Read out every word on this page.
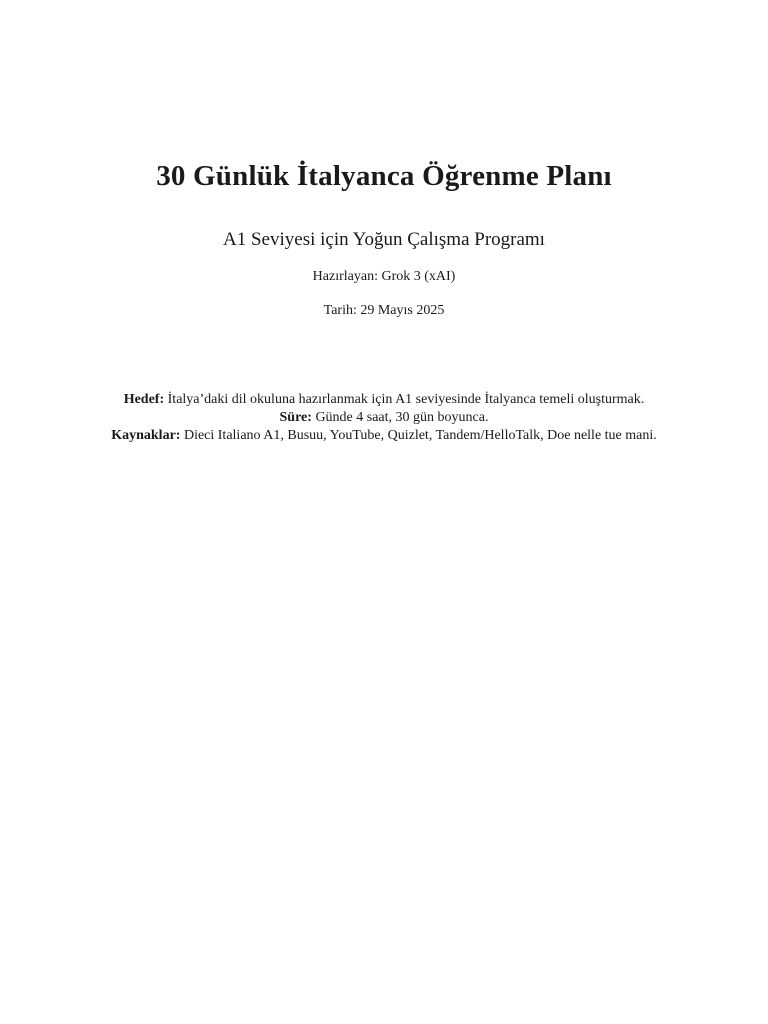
30 Günlük İtalyanca Öğrenme Planı
A1 Seviyesi için Yoğun Çalışma Programı
Hazırlayan: Grok 3 (xAI)
Tarih: 29 Mayıs 2025
Hedef: İtalya’daki dil okuluna hazırlanmak için A1 seviyesinde İtalyanca temeli oluşturmak.
Süre: Günde 4 saat, 30 gün boyunca.
Kaynaklar: Dieci Italiano A1, Busuu, YouTube, Quizlet, Tandem/HelloTalk, Doe nelle tue mani.
